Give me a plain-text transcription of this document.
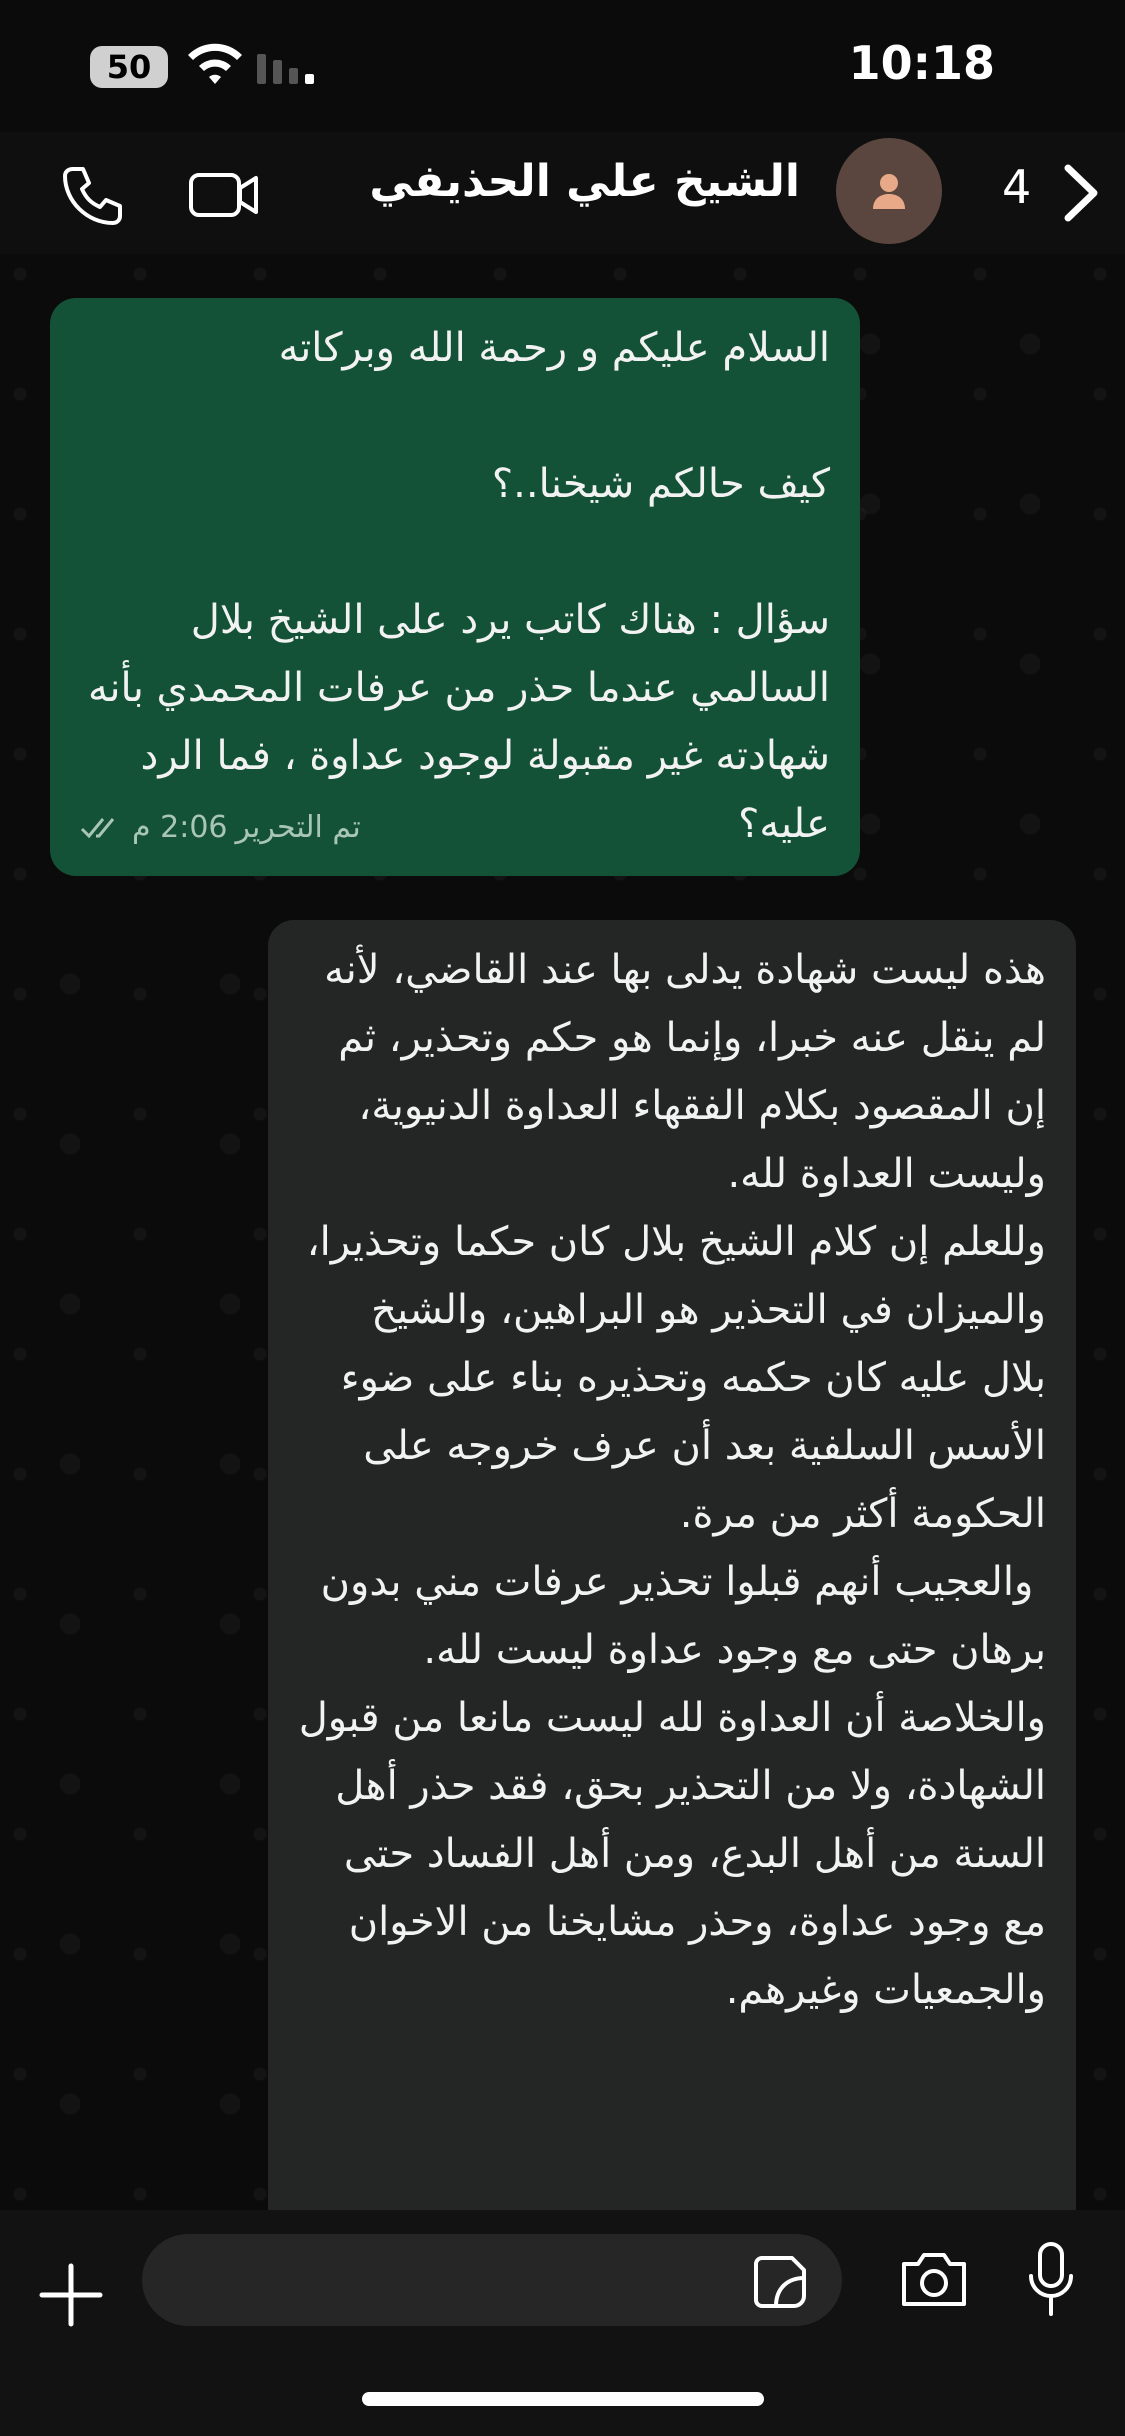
50	10:18
الشيخ علي الحذيفي	4

السلام عليكم و رحمة الله وبركاته

كيف حالكم شيخنا..؟

سؤال : هناك كاتب يرد على الشيخ بلال السالمي عندما حذر من عرفات المحمدي بأنه شهادته غير مقبولة لوجود عداوة ، فما الرد عليه؟

تم التحرير
2:06 م

هذه ليست شهادة يدلى بها عند القاضي، لأنه لم ينقل عنه خبرا، وإنما هو حكم وتحذير، ثم إن المقصود بكلام الفقهاء العداوة الدنيوية، وليست العداوة لله.

وللعلم إن كلام الشيخ بلال كان حكما وتحذيرا، والميزان في التحذير هو البراهين، والشيخ بلال عليه كان حكمه وتحذيره بناء على ضوء الأسس السلفية بعد أن عرف خروجه على الحكومة أكثر من مرة.

والعجيب أنهم قبلوا تحذير عرفات مني بدون برهان حتى مع وجود عداوة ليست لله.

والخلاصة أن العداوة لله ليست مانعا من قبول الشهادة، ولا من التحذير بحق، فقد حذر أهل السنة من أهل البدع، ومن أهل الفساد حتى مع وجود عداوة، وحذر مشايخنا من الاخوان والجمعيات وغيرهم.
